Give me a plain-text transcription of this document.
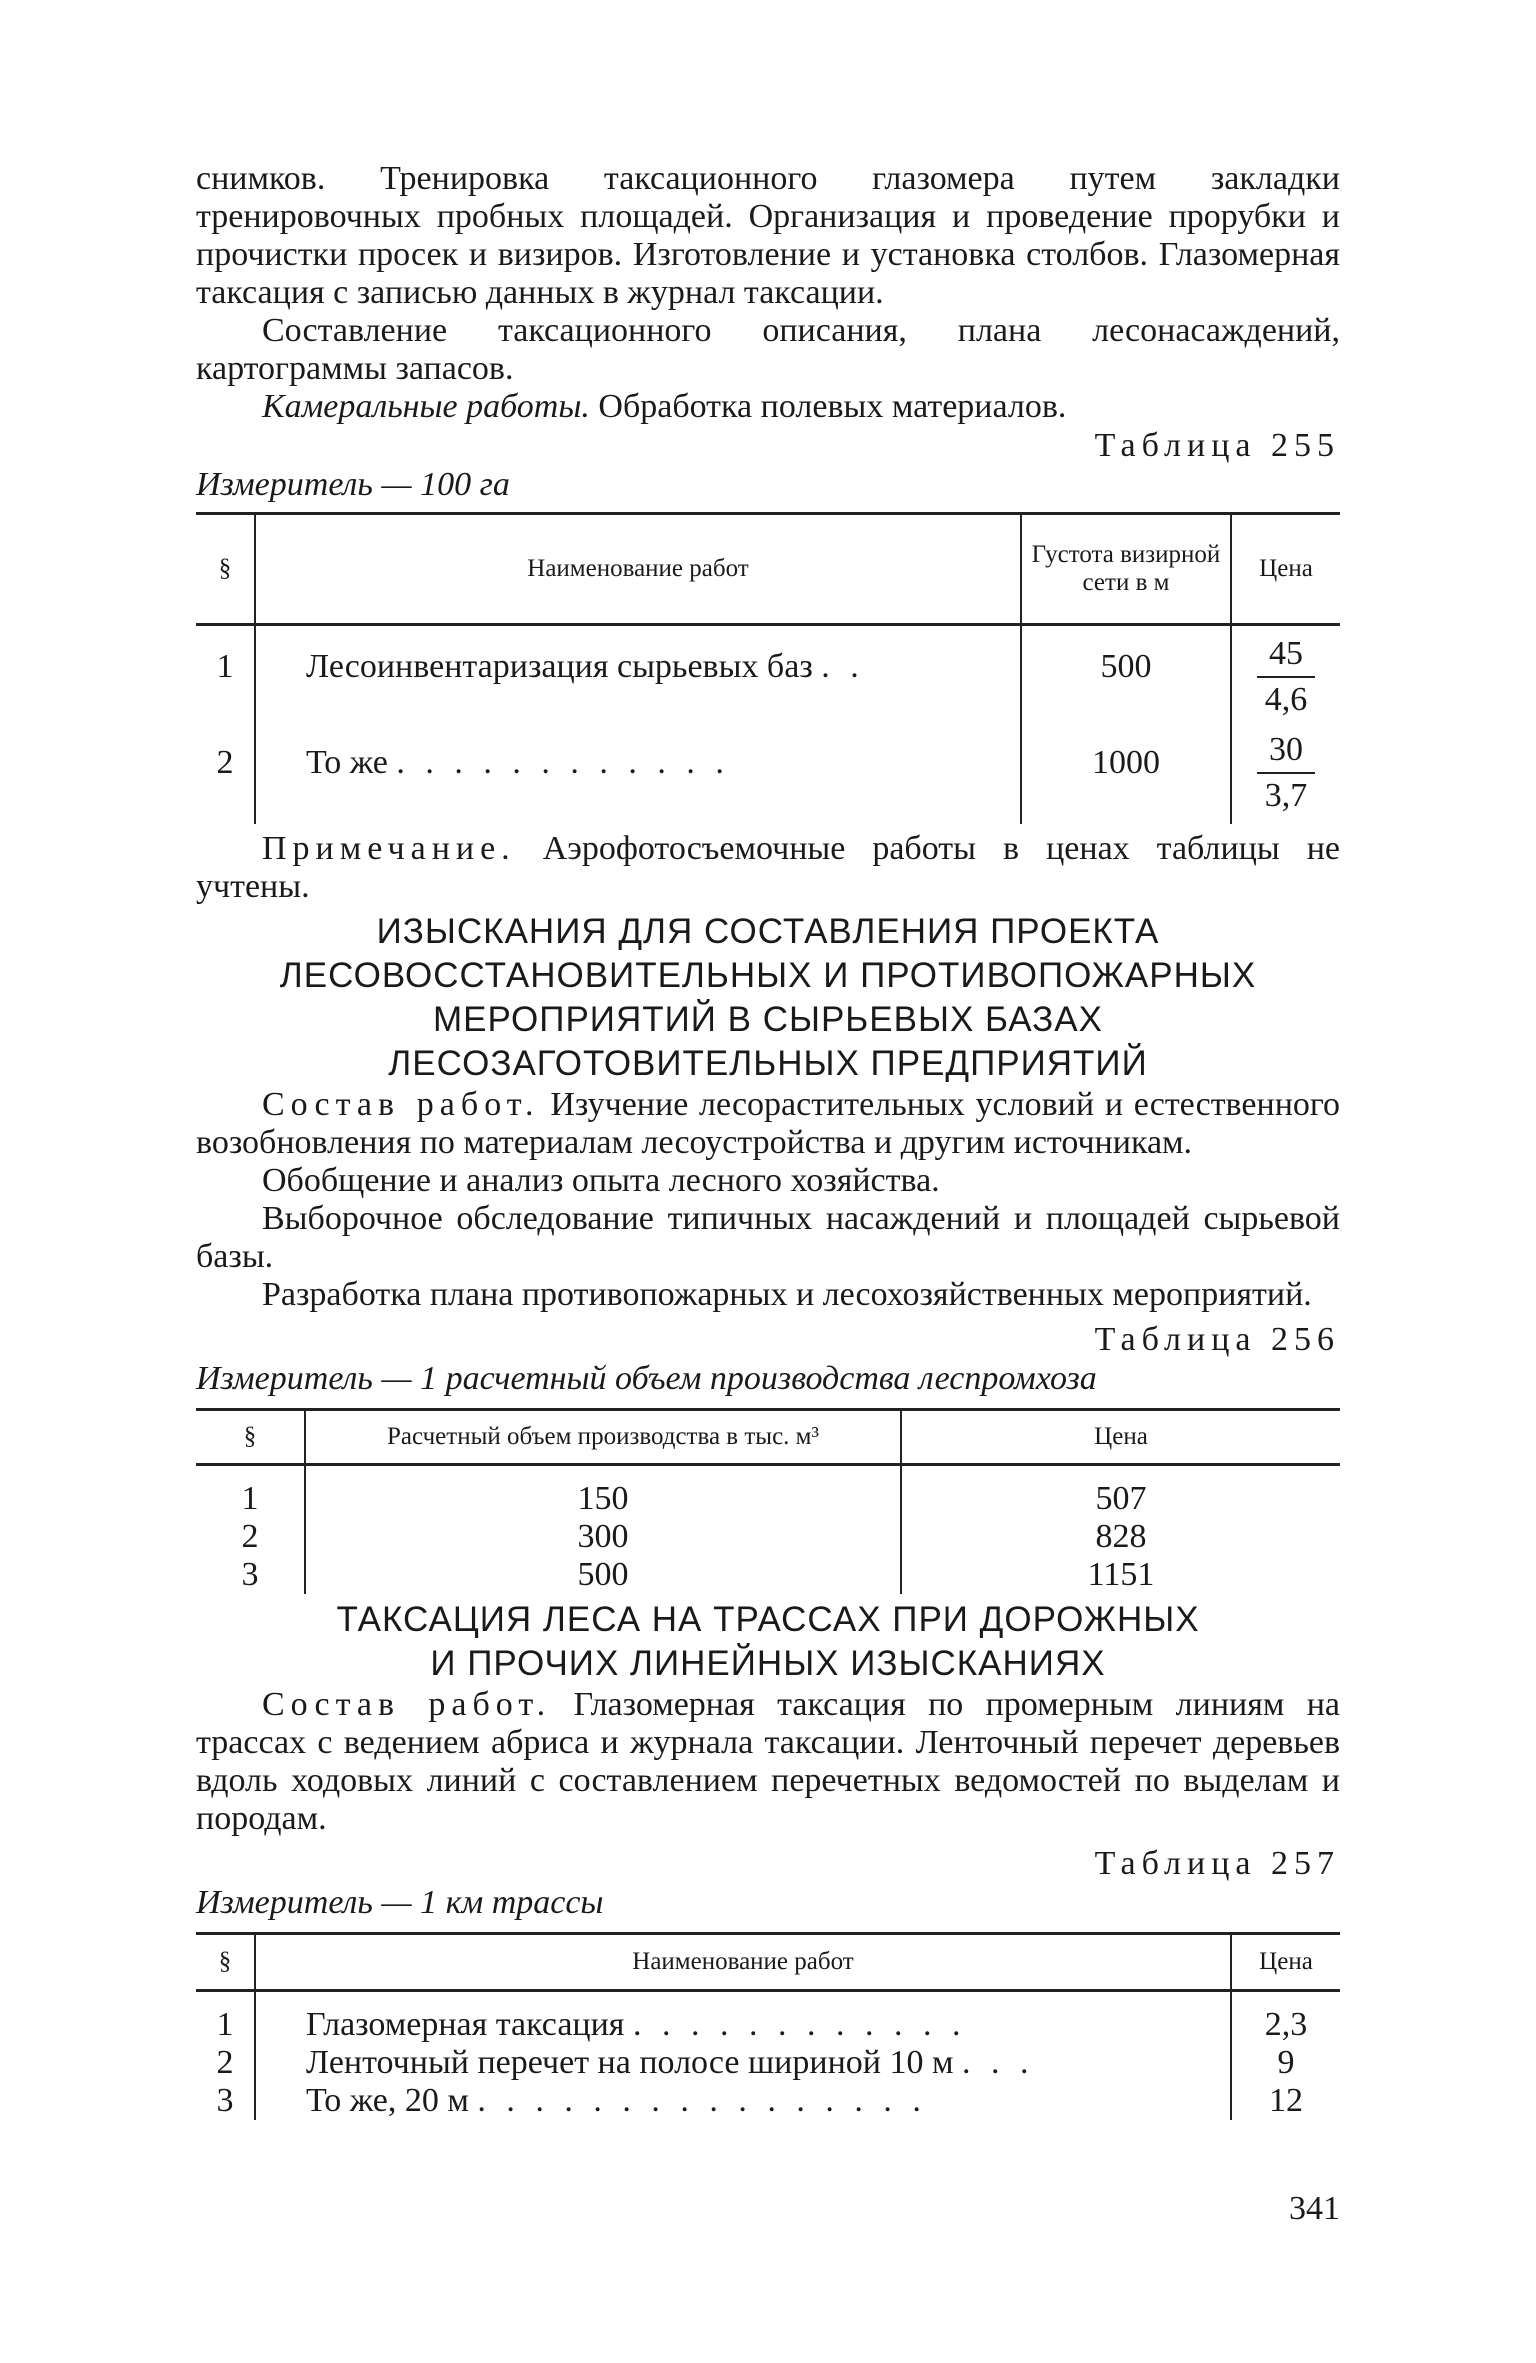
снимков. Тренировка таксационного глазомера путем закладки тренировочных пробных площадей. Организация и проведение прорубки и прочистки просек и визиров. Изготовление и установка столбов. Глазомерная таксация с записью данных в журнал таксации.

Составление таксационного описания, плана лесонасаждений, картограммы запасов.

Камеральные работы. Обработка полевых материалов.

Таблица 255
Измеритель — 100 га
§	Наименование работ	Густота визирной сети в м	Цена
1	Лесоинвентаризация сырьевых баз . .	500	$\frac{45}{4,6}$

2	То же . . . . . . . . . . . .	1000	$\frac{30}{3,7}$

Примечание. Аэрофотосъемочные работы в ценах таблицы не учтены.

ИЗЫСКАНИЯ ДЛЯ СОСТАВЛЕНИЯ ПРОЕКТА
ЛЕСОВОССТАНОВИТЕЛЬНЫХ И ПРОТИВОПОЖАРНЫХ
МЕРОПРИЯТИЙ В СЫРЬЕВЫХ БАЗАХ
ЛЕСОЗАГОТОВИТЕЛЬНЫХ ПРЕДПРИЯТИЙ

Состав работ. Изучение лесорастительных условий и естественного возобновления по материалам лесоустройства и другим источникам.

Обобщение и анализ опыта лесного хозяйства.

Выборочное обследование типичных насаждений и площадей сырьевой базы.

Разработка плана противопожарных и лесохозяйственных мероприятий.

Таблица 256
Измеритель — 1 расчетный объем производства леспромхоза
§	Расчетный объем производства в тыс. м³	Цена
1	150	507
2	300	828
3	500	1151
ТАКСАЦИЯ ЛЕСА НА ТРАССАХ ПРИ ДОРОЖНЫХ
И ПРОЧИХ ЛИНЕЙНЫХ ИЗЫСКАНИЯХ

Состав работ. Глазомерная таксация по промерным линиям на трассах с ведением абриса и журнала таксации. Ленточный перечет деревьев вдоль ходовых линий с составлением перечетных ведомостей по выделам и породам.

Таблица 257
Измеритель — 1 км трассы
§	Наименование работ	Цена
1	Глазомерная таксация . . . . . . . . . . . .	2,3
2	Ленточный перечет на полосе шириной 10 м . . .	9
3	То же, 20 м . . . . . . . . . . . . . . . .	12
341
